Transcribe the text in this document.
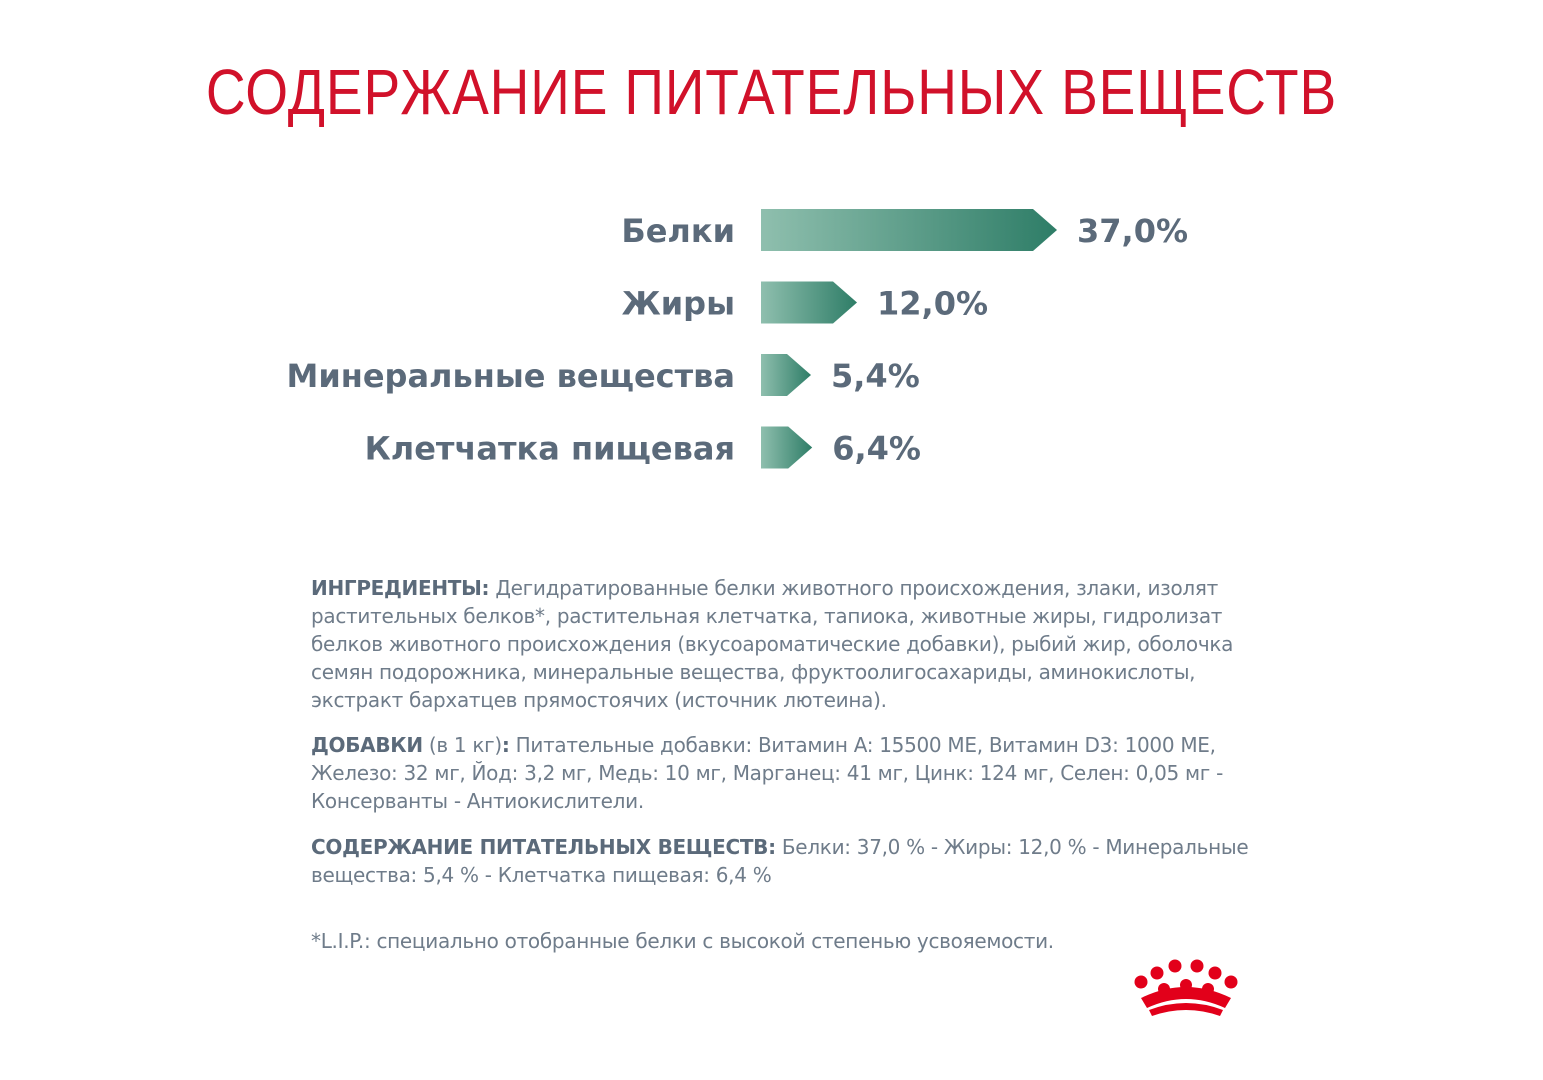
СОДЕРЖАНИЕ ПИТАТЕЛЬНЫХ ВЕЩЕСТВ
Белки	37,0%
Жиры	12,0%
Минеральные вещества	5,4%
Клетчатка пищевая	6,4%
ИНГРЕДИЕНТЫ: Дегидратированные белки животного происхождения, злаки, изолят растительных белков*, растительная клетчатка, тапиока, животные жиры, гидролизат белков животного происхождения (вкусоароматические добавки), рыбий жир, оболочка семян подорожника, минеральные вещества, фруктоолигосахариды, аминокислоты, экстракт бархатцев прямостоячих (источник лютеина).
ДОБАВКИ (в 1 кг): Питательные добавки: Витамин A: 15500 МЕ, Витамин D3: 1000 МЕ, Железо: 32 мг, Йод: 3,2 мг, Медь: 10 мг, Марганец: 41 мг, Цинк: 124 мг, Селен: 0,05 мг - Консерванты - Антиокислители.
СОДЕРЖАНИЕ ПИТАТЕЛЬНЫХ ВЕЩЕСТВ: Белки: 37,0 % - Жиры: 12,0 % - Минеральные вещества: 5,4 % - Клетчатка пищевая: 6,4 %
*L.I.P.: специально отобранные белки с высокой степенью усвояемости.
